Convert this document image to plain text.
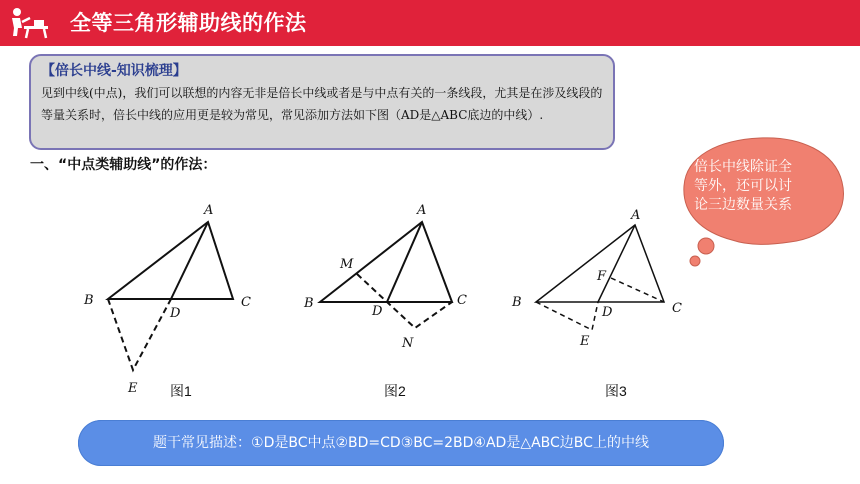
全等三角形辅助线的作法
【倍长中线-知识梳理】
见到中线(中点)，我们可以联想的内容无非是倍长中线或者是与中点有关的一条线段，尤其是在涉及线段的等量关系时，倍长中线的应用更是较为常见，常见添加方法如下图（AD是△ABC底边的中线）.
一、“中点类辅助线”的作法：	倍长中线除证全等外，还可以讨论三边数量关系
A
B	C
D
E 图1
A
M
B	C
D
N
图2
A
F
B	C
D
E
图3
题干常见描述：①D是BC中点②BD=CD③BC=2BD④AD是△ABC边BC上的中线
